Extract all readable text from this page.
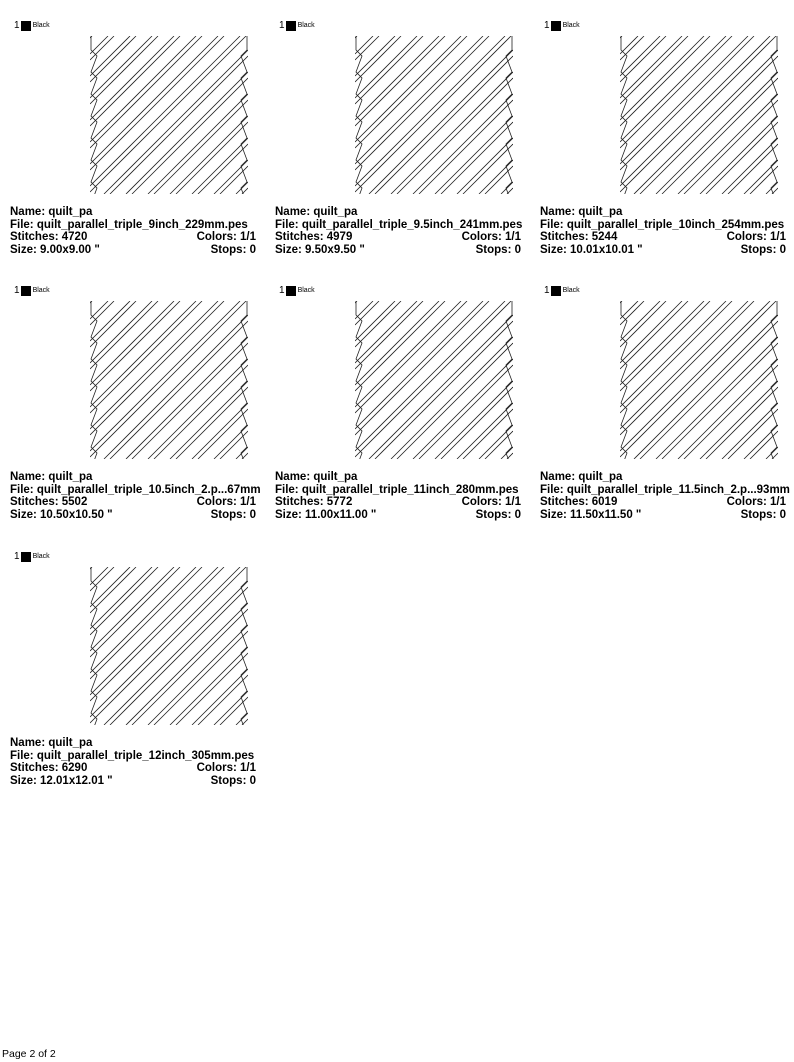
1 Black
Name: quilt_pa
File: quilt_parallel_triple_9inch_229mm.pes
Stitches: 4720	Colors: 1/1
Size: 9.00x9.00 "	Stops: 0
1 Black
Name: quilt_pa
File: quilt_parallel_triple_9.5inch_241mm.pes
Stitches: 4979	Colors: 1/1
Size: 9.50x9.50 "	Stops: 0
1 Black
Name: quilt_pa
File: quilt_parallel_triple_10inch_254mm.pes
Stitches: 5244	Colors: 1/1
Size: 10.01x10.01 "	Stops: 0
1 Black
Name: quilt_pa
File: quilt_parallel_triple_10.5inch_2.p...67mm
Stitches: 5502	Colors: 1/1
Size: 10.50x10.50 "	Stops: 0
1 Black
Name: quilt_pa
File: quilt_parallel_triple_11inch_280mm.pes
Stitches: 5772	Colors: 1/1
Size: 11.00x11.00 "	Stops: 0
1 Black
Name: quilt_pa
File: quilt_parallel_triple_11.5inch_2.p...93mm
Stitches: 6019	Colors: 1/1
Size: 11.50x11.50 "	Stops: 0
1 Black
Name: quilt_pa
File: quilt_parallel_triple_12inch_305mm.pes
Stitches: 6290	Colors: 1/1
Size: 12.01x12.01 "	Stops: 0
Page 2 of 2
